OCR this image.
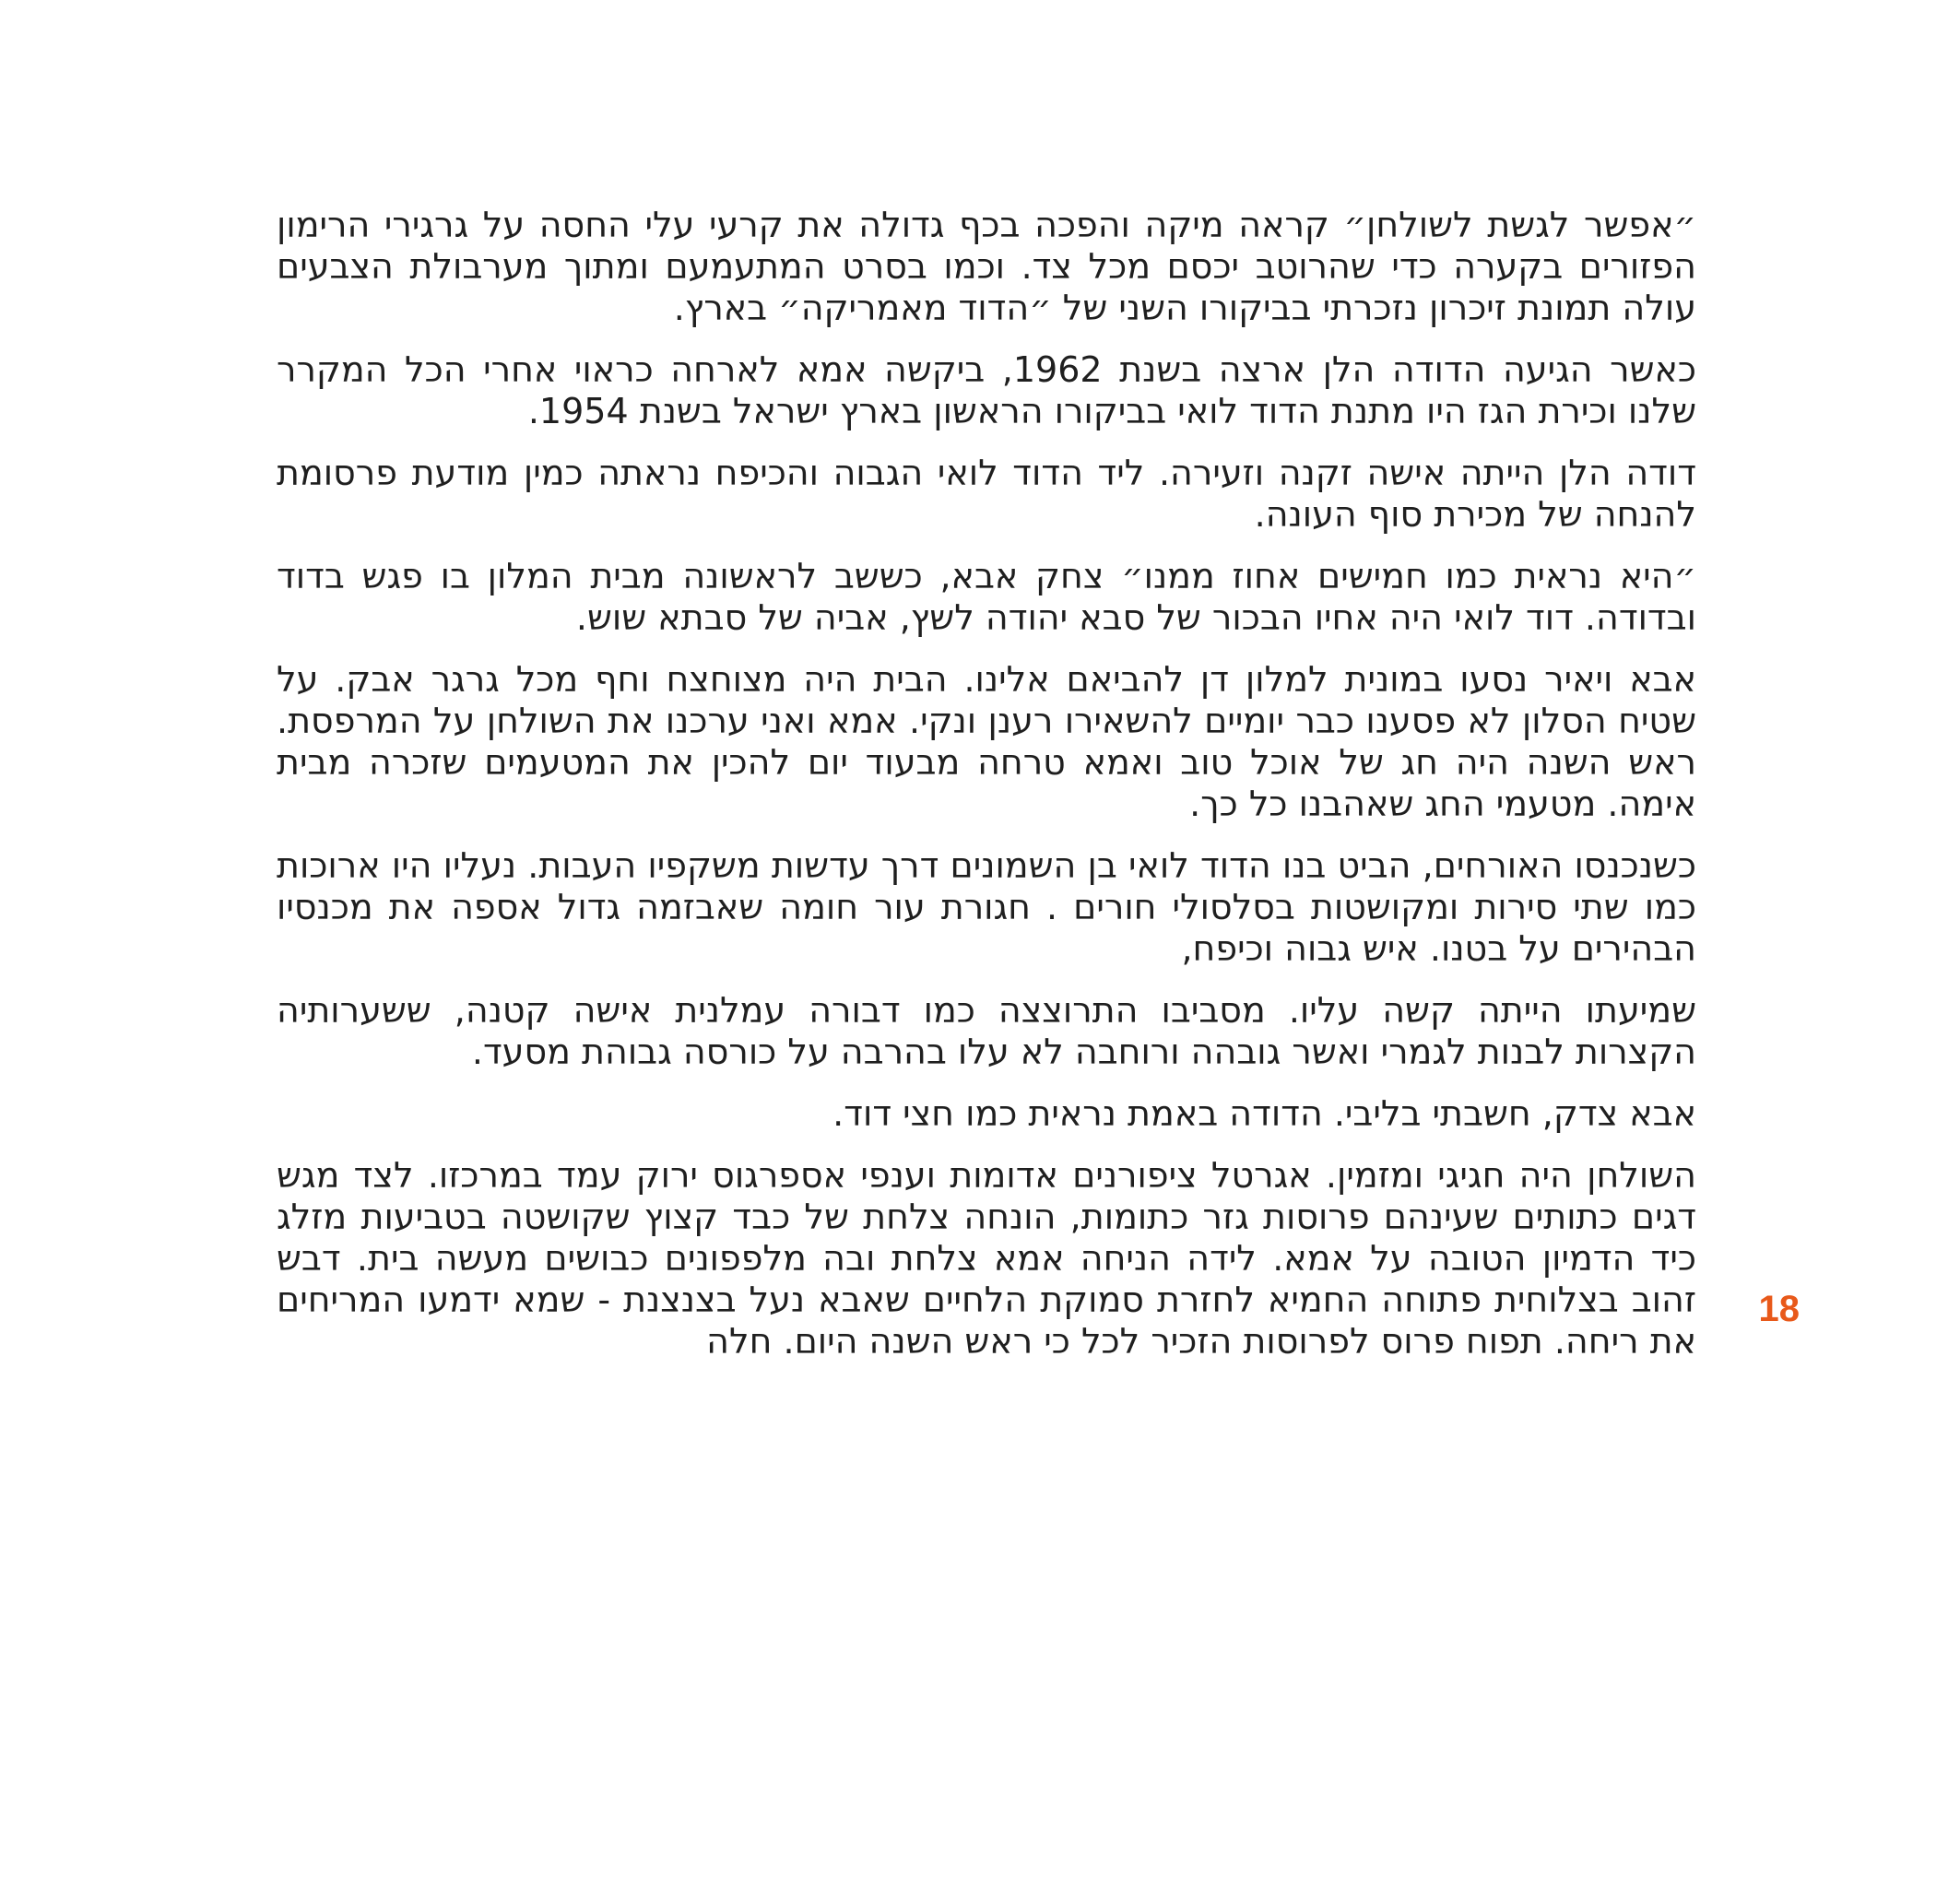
״אפשר לגשת לשולחן״ קראה מיקה והפכה בכף גדולה את קרעי עלי החסה על גרגירי הרימון הפזורים בקערה כדי שהרוטב יכסם מכל צד. וכמו בסרט המתעמעם ומתוך מערבולת הצבעים עולה תמונת זיכרון נזכרתי בביקורו השני של ״הדוד מאמריקה״ בארץ.

כאשר הגיעה הדודה הלן ארצה בשנת 1962, ביקשה אמא לארחה כראוי אחרי הכל המקרר שלנו וכירת הגז היו מתנת הדוד לואי בביקורו הראשון בארץ ישראל בשנת 1954.

דודה הלן הייתה אישה זקנה וזעירה. ליד הדוד לואי הגבוה והכיפח נראתה כמין מודעת פרסומת להנחה של מכירת סוף העונה.

״היא נראית כמו חמישים אחוז ממנו״ צחק אבא, כששב לראשונה מבית המלון בו פגש בדוד ובדודה. דוד לואי היה אחיו הבכור של סבא יהודה לשץ, אביה של סבתא שוש.

אבא ויאיר נסעו במונית למלון דן להביאם אלינו. הבית היה מצוחצח וחף מכל גרגר אבק. על שטיח הסלון לא פסענו כבר יומיים להשאירו רענן ונקי. אמא ואני ערכנו את השולחן על המרפסת. ראש השנה היה חג של אוכל טוב ואמא טרחה מבעוד יום להכין את המטעמים שזכרה מבית אימה. מטעמי החג שאהבנו כל כך.

כשנכנסו האורחים, הביט בנו הדוד לואי בן השמונים דרך עדשות משקפיו העבות. נעליו היו ארוכות כמו שתי סירות ומקושטות בסלסולי חורים . חגורת עור חומה שאבזמה גדול אספה את מכנסיו הבהירים על בטנו. איש גבוה וכיפח,

שמיעתו הייתה קשה עליו. מסביבו התרוצצה כמו דבורה עמלנית אישה קטנה, ששערותיה הקצרות לבנות לגמרי ואשר גובהה ורוחבה לא עלו בהרבה על כורסה גבוהת מסעד.

אבא צדק, חשבתי בליבי. הדודה באמת נראית כמו חצי דוד.

השולחן היה חגיגי ומזמין. אגרטל ציפורנים אדומות וענפי אספרגוס ירוק עמד במרכזו. לצד מגש דגים כתותים שעינהם פרוסות גזר כתומות, הונחה צלחת של כבד קצוץ שקושטה בטביעות מזלג כיד הדמיון הטובה על אמא. לידה הניחה אמא צלחת ובה מלפפונים כבושים מעשה בית. דבש זהוב בצלוחית פתוחה החמיא לחזרת סמוקת הלחיים שאבא נעל בצנצנת - שמא ידמעו המריחים את ריחה. תפוח פרוס לפרוסות הזכיר לכל כי ראש השנה היום. חלה

18
